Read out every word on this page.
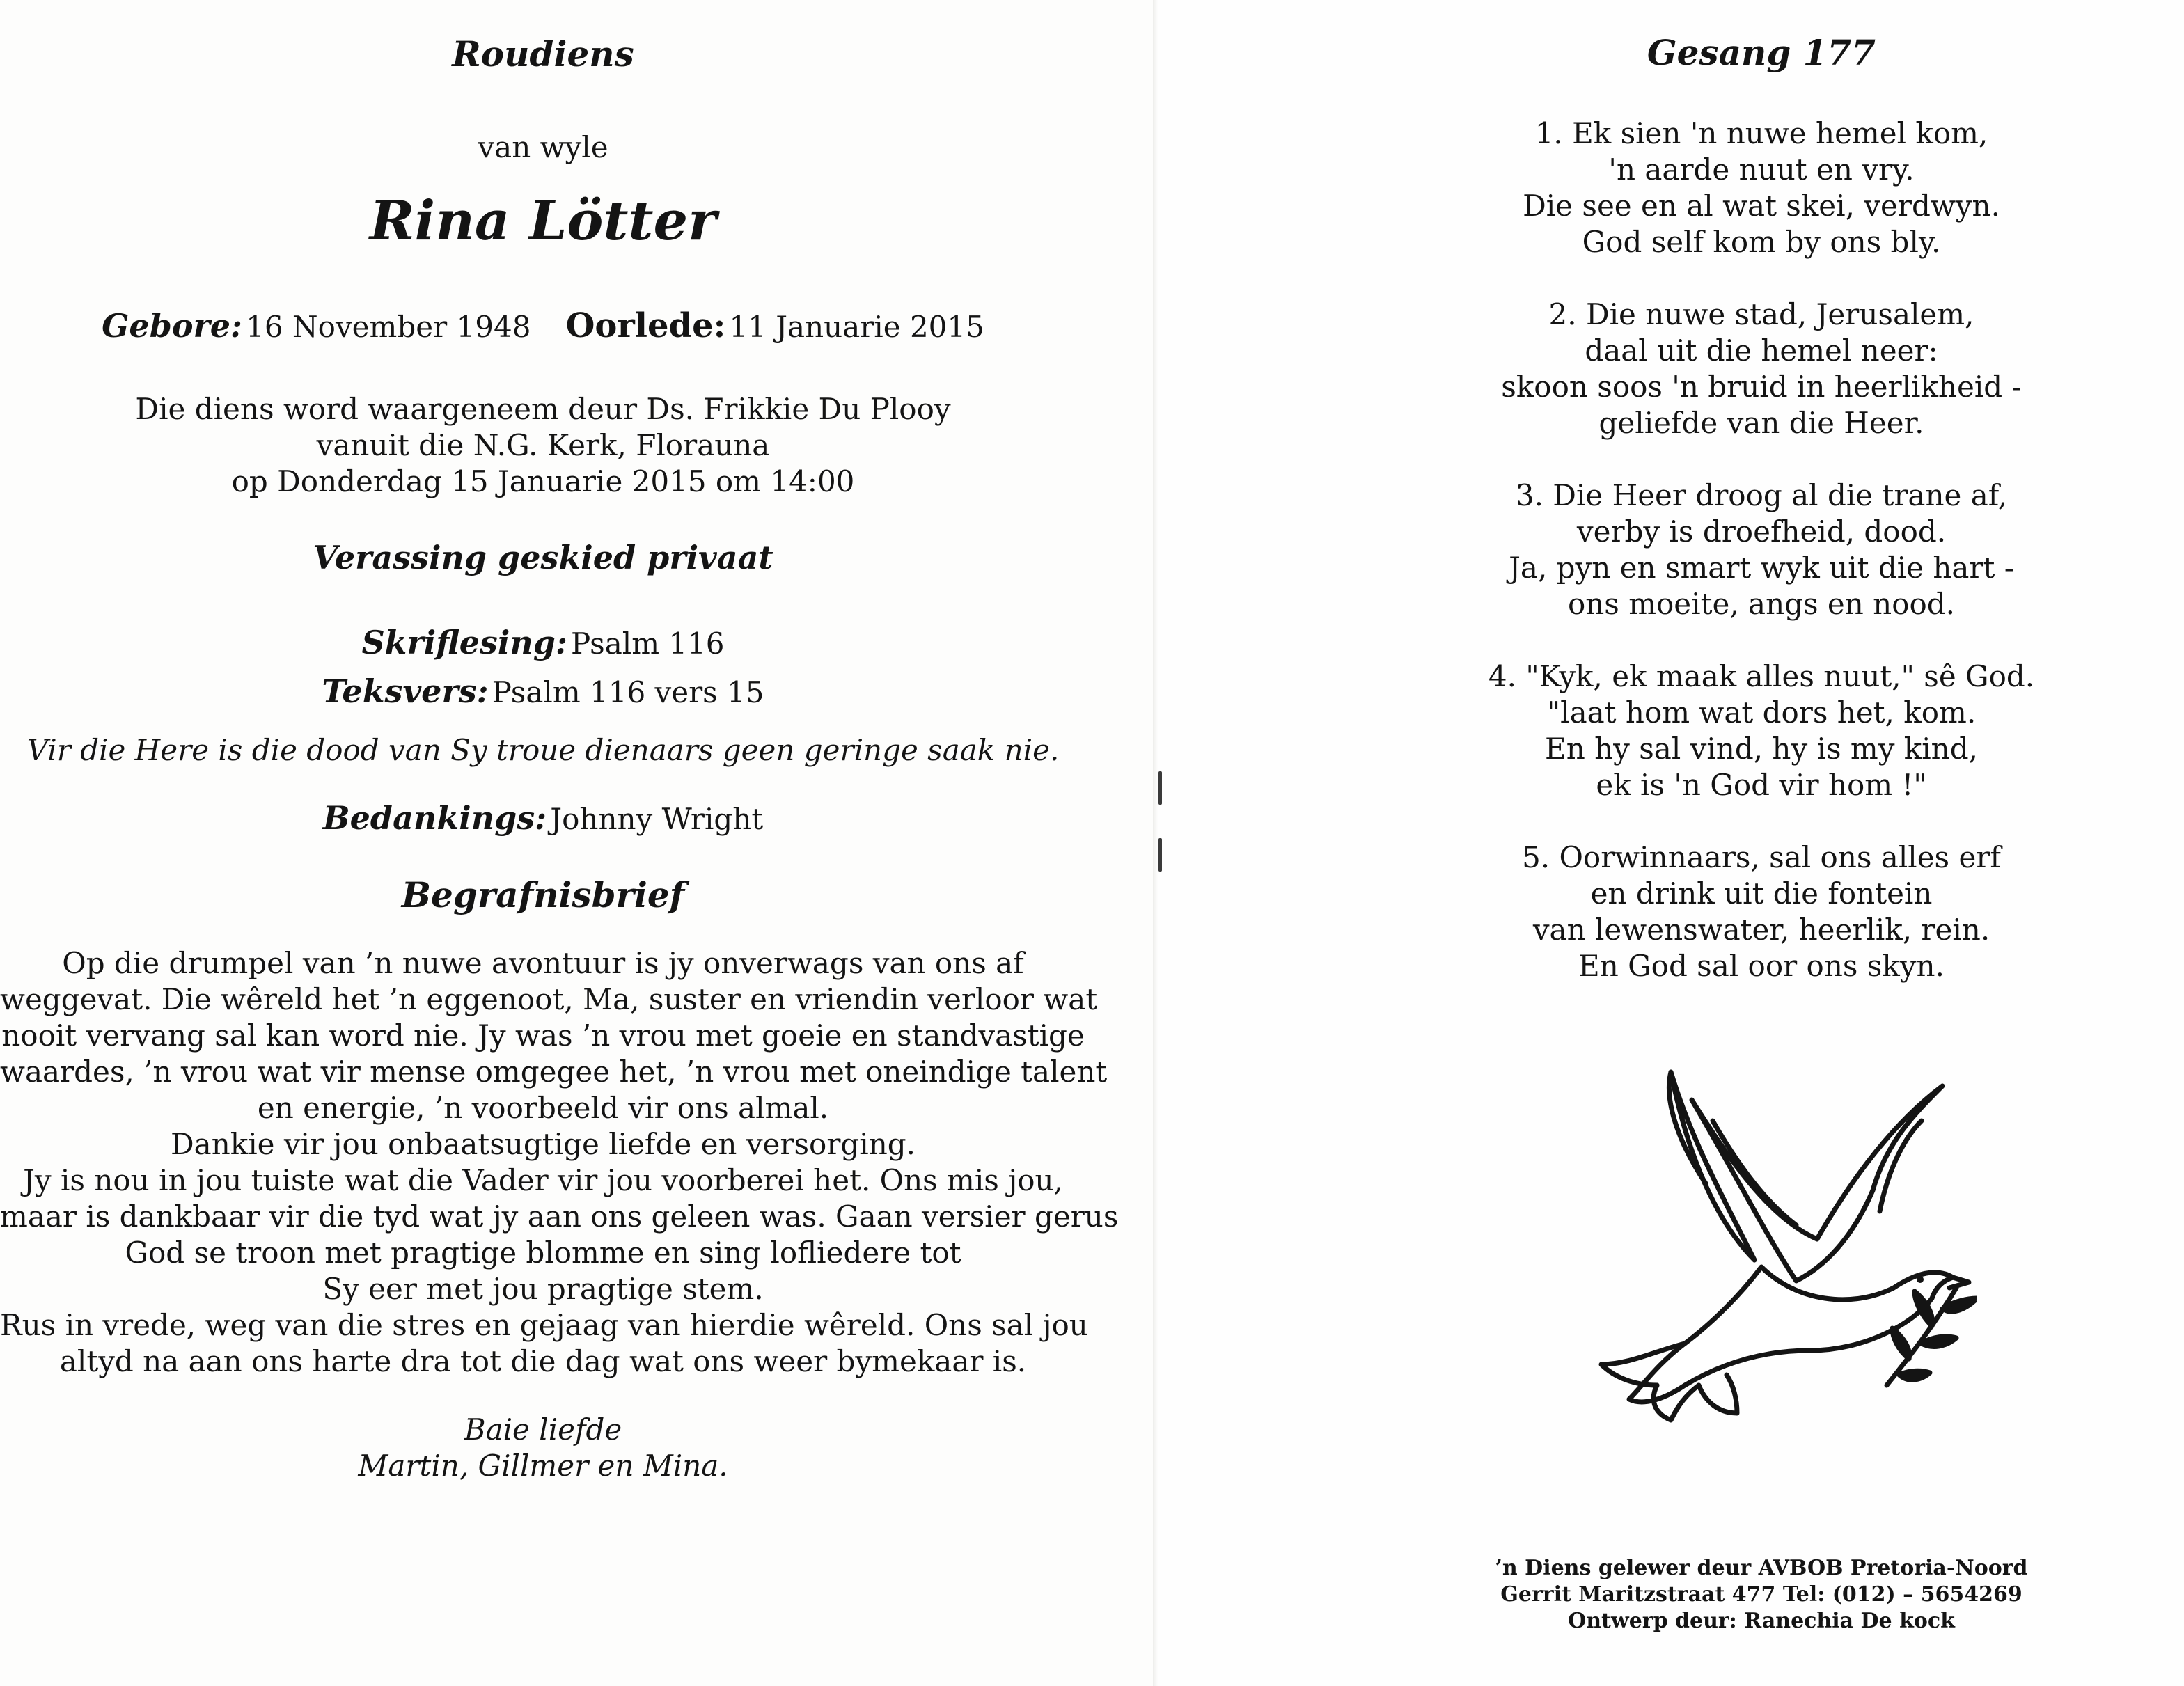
Roudiens
van wyle
Rina Lötter
Gebore: 16 November 1948 Oorlede: 11 Januarie 2015
Die diens word waargeneem deur Ds. Frikkie Du Plooy
vanuit die N.G. Kerk, Florauna
op Donderdag 15 Januarie 2015 om 14:00
Verassing geskied privaat
Skriflesing: Psalm 116
Teksvers: Psalm 116 vers 15
Vir die Here is die dood van Sy troue dienaars geen geringe saak nie.
Bedankings: Johnny Wright
Begrafnisbrief
Op die drumpel van ’n nuwe avontuur is jy onverwags van ons af
weggevat. Die wêreld het ’n eggenoot, Ma, suster en vriendin verloor wat
nooit vervang sal kan word nie. Jy was ’n vrou met goeie en standvastige
waardes, ’n vrou wat vir mense omgegee het, ’n vrou met oneindige talent
en energie, ’n voorbeeld vir ons almal.
Dankie vir jou onbaatsugtige liefde en versorging.
Jy is nou in jou tuiste wat die Vader vir jou voorberei het. Ons mis jou,
maar is dankbaar vir die tyd wat jy aan ons geleen was. Gaan versier gerus
God se troon met pragtige blomme en sing lofliedere tot
Sy eer met jou pragtige stem.
Rus in vrede, weg van die stres en gejaag van hierdie wêreld. Ons sal jou
altyd na aan ons harte dra tot die dag wat ons weer bymekaar is.
Baie liefde
Martin, Gillmer en Mina.
Gesang 177
1. Ek sien 'n nuwe hemel kom,
'n aarde nuut en vry.
Die see en al wat skei, verdwyn.
God self kom by ons bly.
2. Die nuwe stad, Jerusalem,
daal uit die hemel neer:
skoon soos 'n bruid in heerlikheid -
geliefde van die Heer.
3. Die Heer droog al die trane af,
verby is droefheid, dood.
Ja, pyn en smart wyk uit die hart -
ons moeite, angs en nood.
4. "Kyk, ek maak alles nuut," sê God.
"laat hom wat dors het, kom.
En hy sal vind, hy is my kind,
ek is 'n God vir hom !"
5. Oorwinnaars, sal ons alles erf
en drink uit die fontein
van lewenswater, heerlik, rein.
En God sal oor ons skyn.
’n Diens gelewer deur AVBOB Pretoria-Noord
Gerrit Maritzstraat 477 Tel: (012) – 5654269
Ontwerp deur: Ranechia De kock
